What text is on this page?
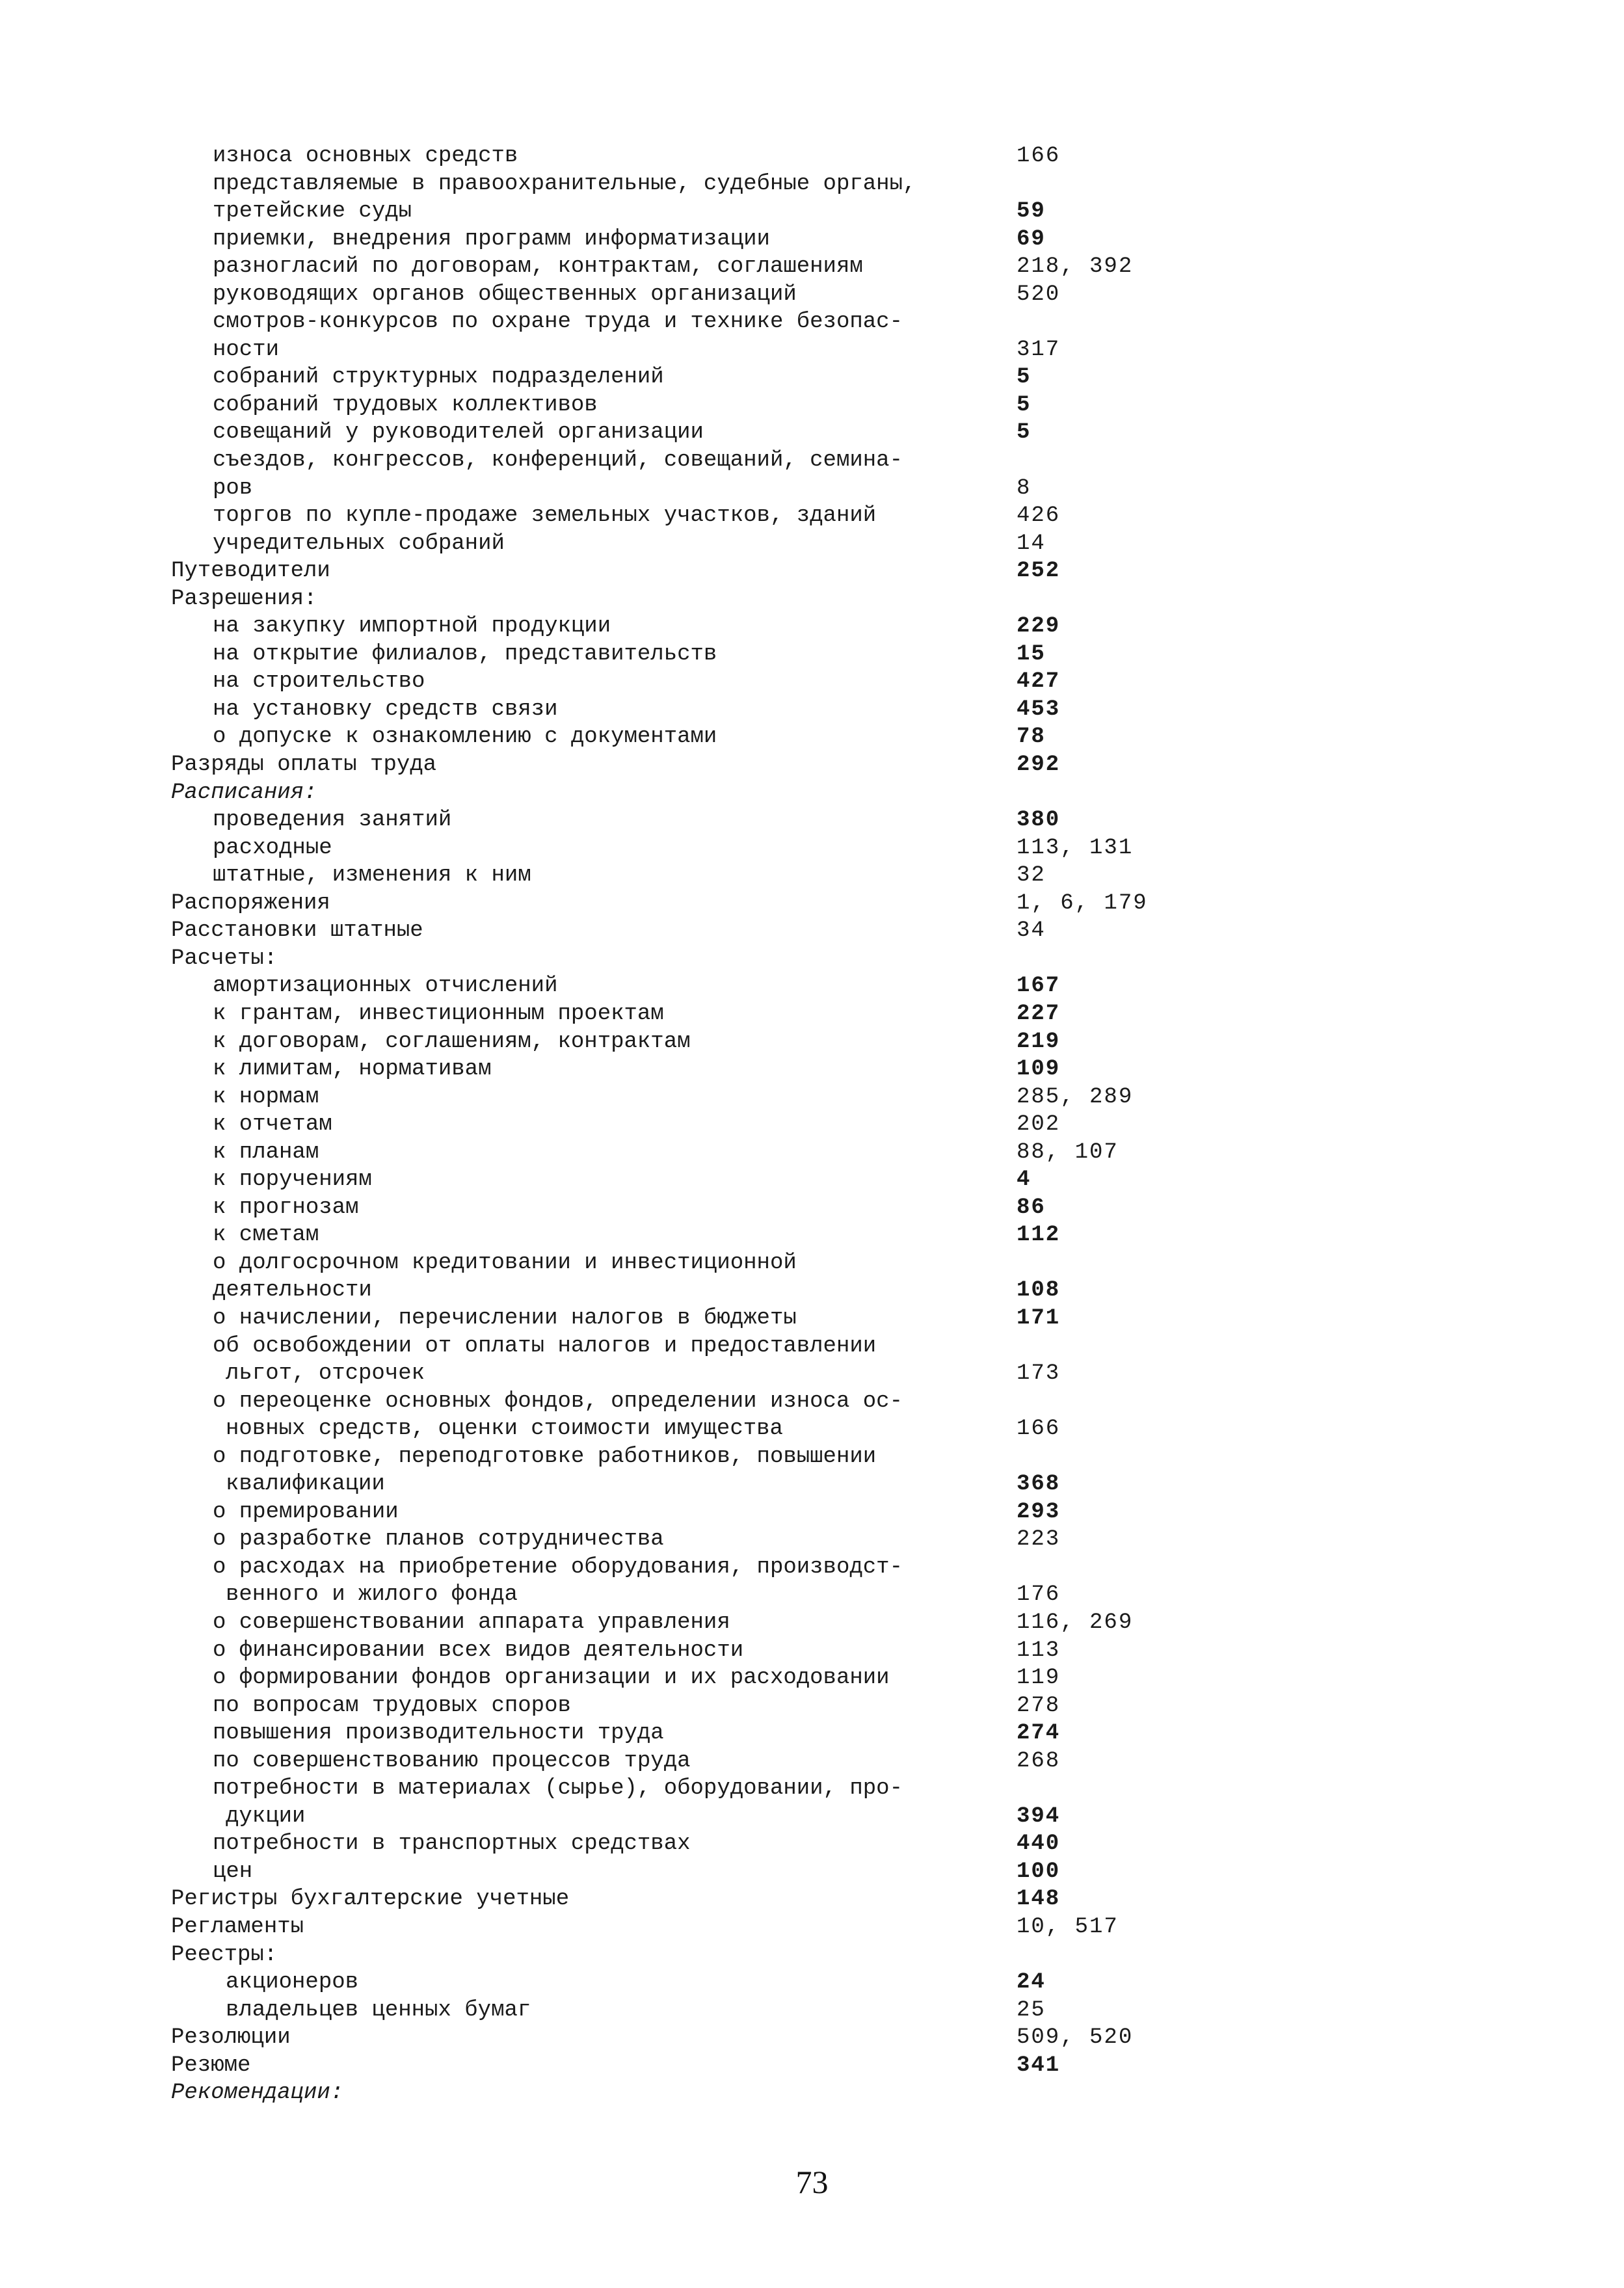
износа основных средств	166
представляемые в правоохранительные, судебные органы,
третейские суды	59
приемки, внедрения программ информатизации	69
разногласий по договорам, контрактам, соглашениям	218, 392
руководящих органов общественных организаций	520
смотров-конкурсов по охране труда и технике безопас-
ности	317
собраний структурных подразделений	5
собраний трудовых коллективов	5
совещаний у руководителей организации	5
съездов, конгрессов, конференций, совещаний, семина-
ров	8
торгов по купле-продаже земельных участков, зданий	426
учредительных собраний	14
Путеводители	252
Разрешения:
на закупку импортной продукции	229
на открытие филиалов, представительств	15
на строительство	427
на установку средств связи	453
о допуске к ознакомлению с документами	78
Разряды оплаты труда	292
Расписания:
проведения занятий	380
расходные	113, 131
штатные, изменения к ним	32
Распоряжения	1, 6, 179
Расстановки штатные	34
Расчеты:
амортизационных отчислений	167
к грантам, инвестиционным проектам	227
к договорам, соглашениям, контрактам	219
к лимитам, нормативам	109
к нормам	285, 289
к отчетам	202
к планам	88, 107
к поручениям	4
к прогнозам	86
к сметам	112
о долгосрочном кредитовании и инвестиционной
деятельности	108
о начислении, перечислении налогов в бюджеты	171
об освобождении от оплаты налогов и предоставлении
льгот, отсрочек	173
о переоценке основных фондов, определении износа ос-
новных средств, оценки стоимости имущества	166
о подготовке, переподготовке работников, повышении
квалификации	368
о премировании	293
о разработке планов сотрудничества	223
о расходах на приобретение оборудования, производст-
венного и жилого фонда	176
о совершенствовании аппарата управления	116, 269
о финансировании всех видов деятельности	113
о формировании фондов организации и их расходовании	119
по вопросам трудовых споров	278
повышения производительности труда	274
по совершенствованию процессов труда	268
потребности в материалах (сырье), оборудовании, про-
дукции	394
потребности в транспортных средствах	440
цен	100
Регистры бухгалтерские учетные	148
Регламенты	10, 517
Реестры:
акционеров	24
владельцев ценных бумаг	25
Резолюции	509, 520
Резюме	341
Рекомендации:
73
